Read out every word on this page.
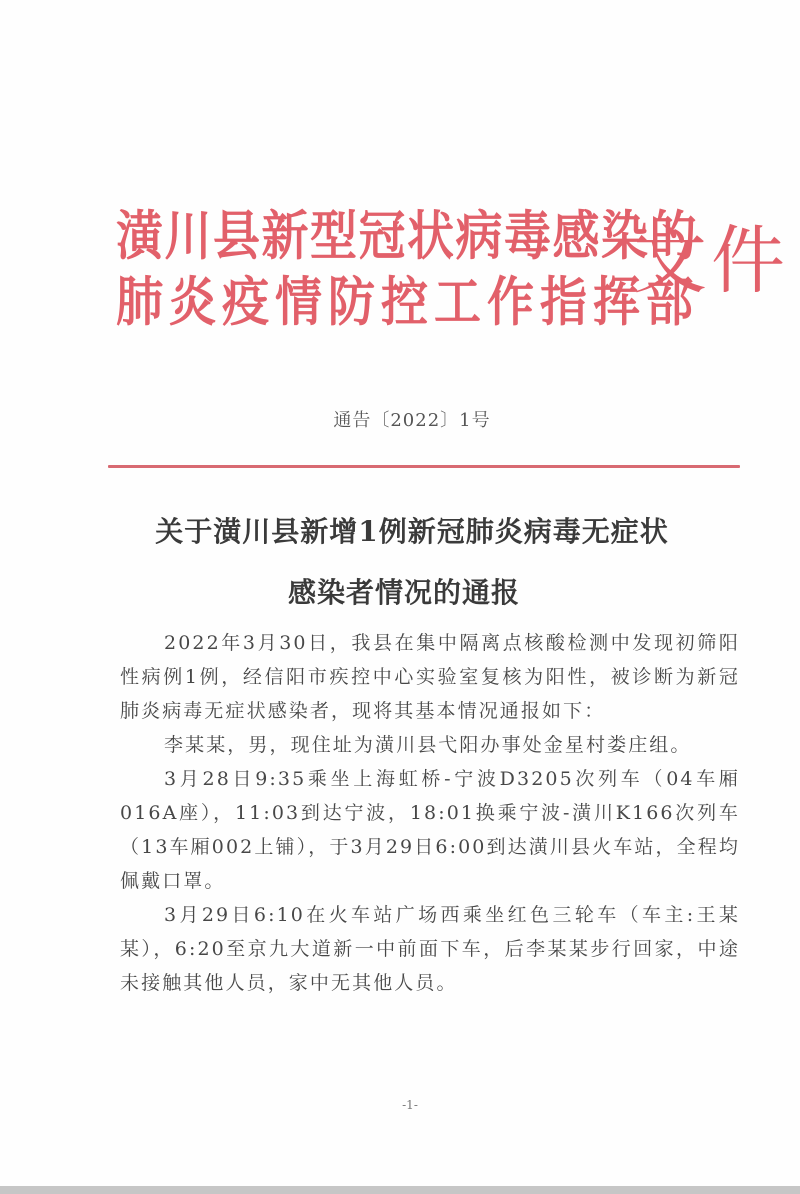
潢川县新型冠状病毒感染的
肺炎疫情防控工作指挥部
文件
通告〔2022〕1号
关于潢川县新增1例新冠肺炎病毒无症状
感染者情况的通报

2022年3月30日，我县在集中隔离点核酸检测中发现初筛阳性病例1例，经信阳市疾控中心实验室复核为阳性，被诊断为新冠肺炎病毒无症状感染者，现将其基本情况通报如下：

李某某，男，现住址为潢川县弋阳办事处金星村娄庄组。

3月28日9:35乘坐上海虹桥-宁波D3205次列车（04车厢016A座），11:03到达宁波，18:01换乘宁波-潢川K166次列车（13车厢002上铺），于3月29日6:00到达潢川县火车站，全程均佩戴口罩。

3月29日6:10在火车站广场西乘坐红色三轮车（车主:王某某），6:20至京九大道新一中前面下车，后李某某步行回家，中途未接触其他人员，家中无其他人员。

-1-
